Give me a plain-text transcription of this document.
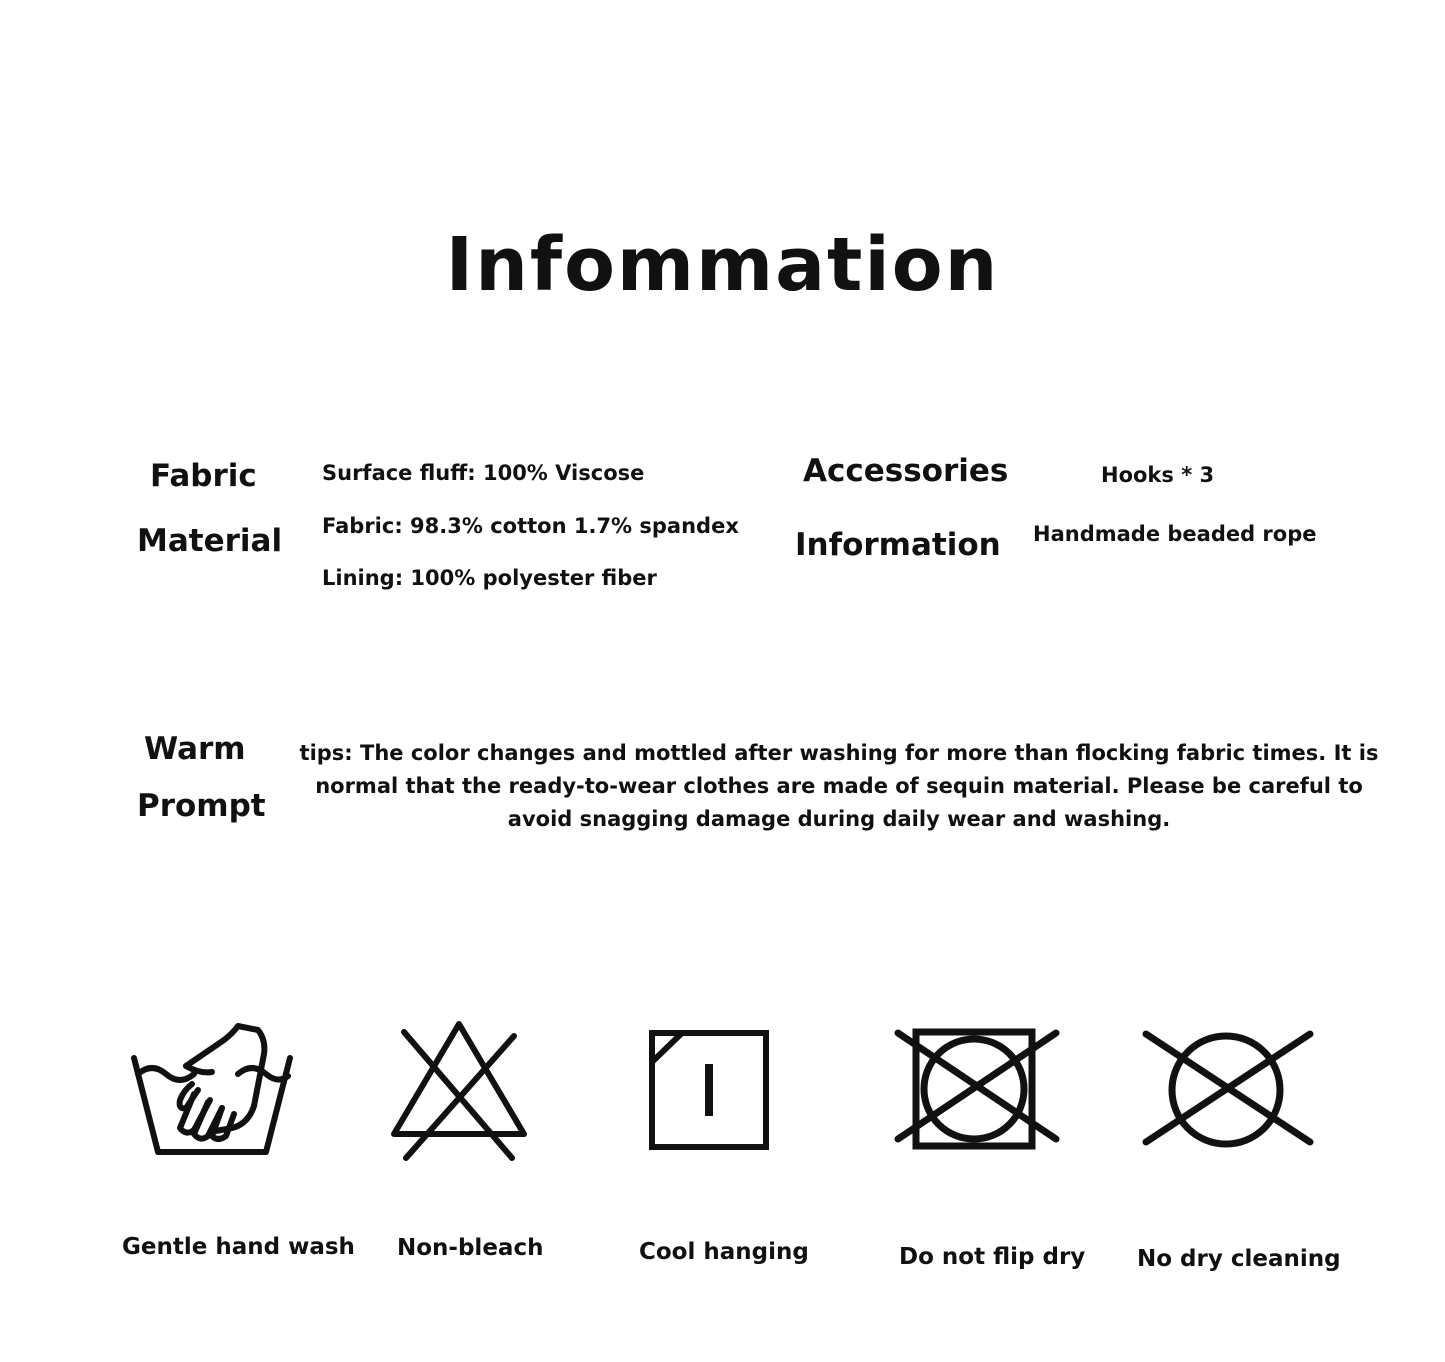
Infommation
Fabric
Material
Surface fluff: 100% Viscose
Fabric: 98.3% cotton 1.7% spandex
Lining: 100% polyester fiber
Accessories
Information
Hooks * 3
Handmade beaded rope
Warm
Prompt
tips: The color changes and mottled after washing for more than flocking fabric times. It is normal that the ready-to-wear clothes are made of sequin material. Please be careful to avoid snagging damage during daily wear and washing.
Gentle hand wash Non-bleach	Cool hanging	Do not flip dry No dry cleaning
